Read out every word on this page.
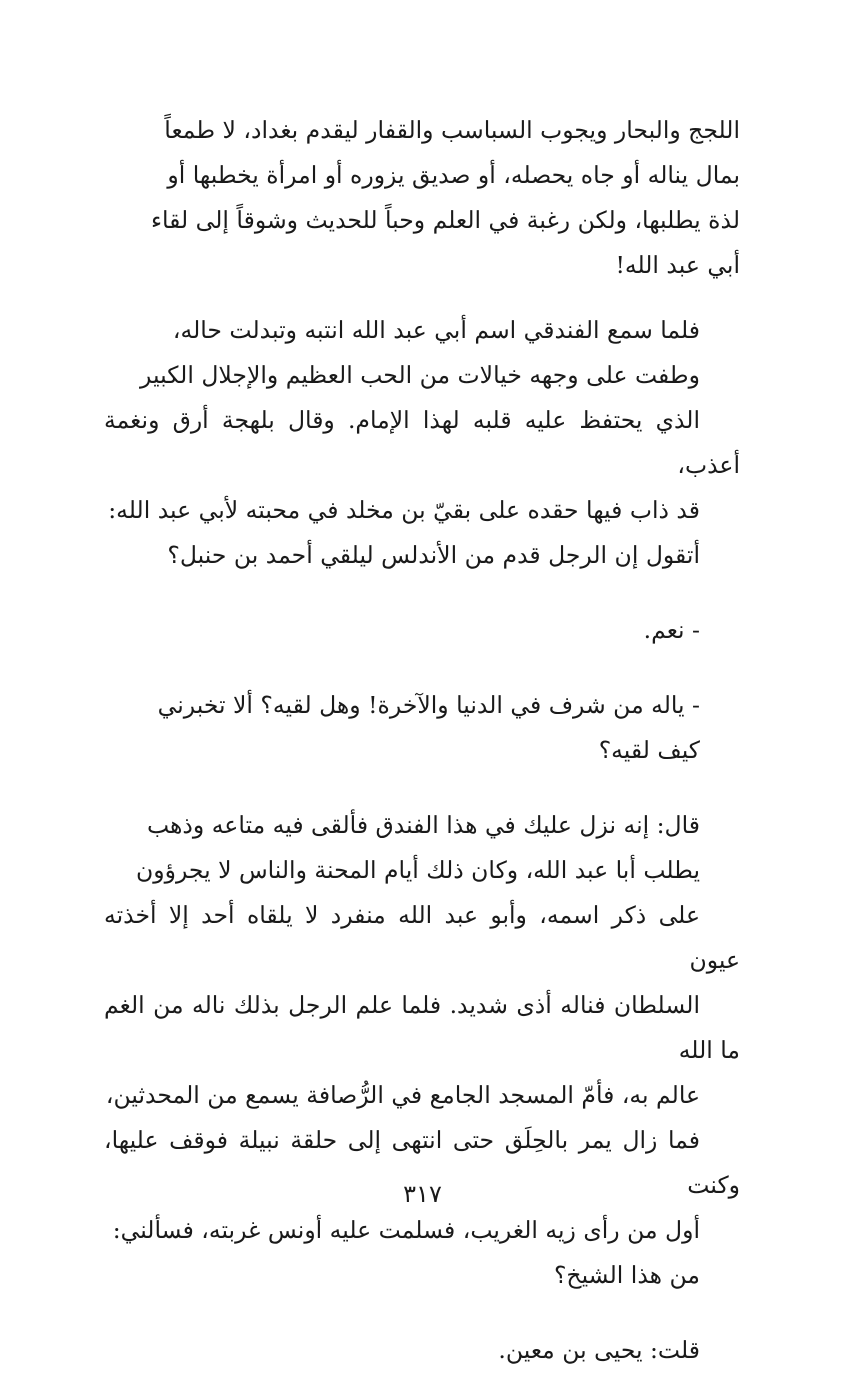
اللجج والبحار ويجوب السباسب والقفار ليقدم بغداد، لا طمعاً
بمال يناله أو جاه يحصله، أو صديق يزوره أو امرأة يخطبها أو
لذة يطلبها، ولكن رغبة في العلم وحباً للحديث وشوقاً إلى لقاء
أبي عبد الله!

فلما سمع الفندقي اسم أبي عبد الله انتبه وتبدلت حاله،
وطفت على وجهه خيالات من الحب العظيم والإجلال الكبير
الذي يحتفظ عليه قلبه لهذا الإمام. وقال بلهجة أرق ونغمة أعذب،
قد ذاب فيها حقده على بقيّ بن مخلد في محبته لأبي عبد الله:
أتقول إن الرجل قدم من الأندلس ليلقي أحمد بن حنبل؟

- نعم.

- ياله من شرف في الدنيا والآخرة! وهل لقيه؟ ألا تخبرني
كيف لقيه؟

قال: إنه نزل عليك في هذا الفندق فألقى فيه متاعه وذهب
يطلب أبا عبد الله، وكان ذلك أيام المحنة والناس لا يجرؤون
على ذكر اسمه، وأبو عبد الله منفرد لا يلقاه أحد إلا أخذته عيون
السلطان فناله أذى شديد. فلما علم الرجل بذلك ناله من الغم ما الله
عالم به، فأمّ المسجد الجامع في الرُّصافة يسمع من المحدثين،
فما زال يمر بالحِلَق حتى انتهى إلى حلقة نبيلة فوقف عليها، وكنت
أول من رأى زيه الغريب، فسلمت عليه أونس غربته، فسألني:
من هذا الشيخ؟

قلت: يحيى بن معين.

٣١٧
